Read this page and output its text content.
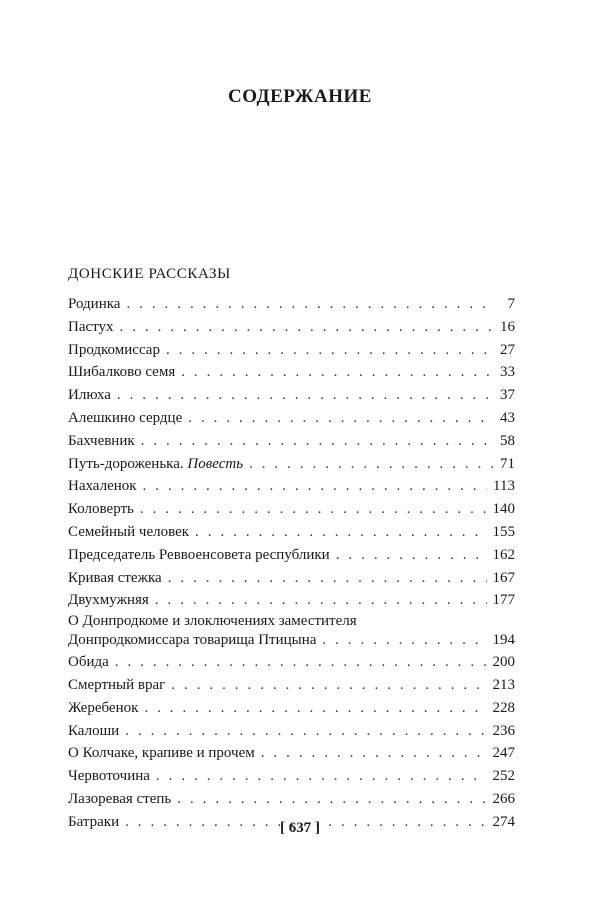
СОДЕРЖАНИЕ
ДОНСКИЕ РАССКАЗЫ
Родинка . . .	7
Пастух . . .	16
Продкомиссар . . .	27
Шибалково семя . . .	33
Илюха . . .	37
Алешкино сердце . . .	43
Бахчевник . . .	58
Путь-дороженька. Повесть . . .	71
Нахаленок . . .	113
Коловерть . . .	140
Семейный человек . . .	155
Председатель Реввоенсовета республики . . .	162
Кривая стежка . . .	167
Двухмужняя . . .	177
О Донпродкоме и злоключениях заместителя
Донпродкомиссара товарища Птицына . . .	194
Обида . . .	200
Смертный враг . . .	213
Жеребенок . . .	228
Калоши . . .	236
О Колчаке, крапиве и прочем . . .	247
Червоточина . . .	252
Лазоревая степь . . .	266
Батраки . . .	274
[ 637 ]
